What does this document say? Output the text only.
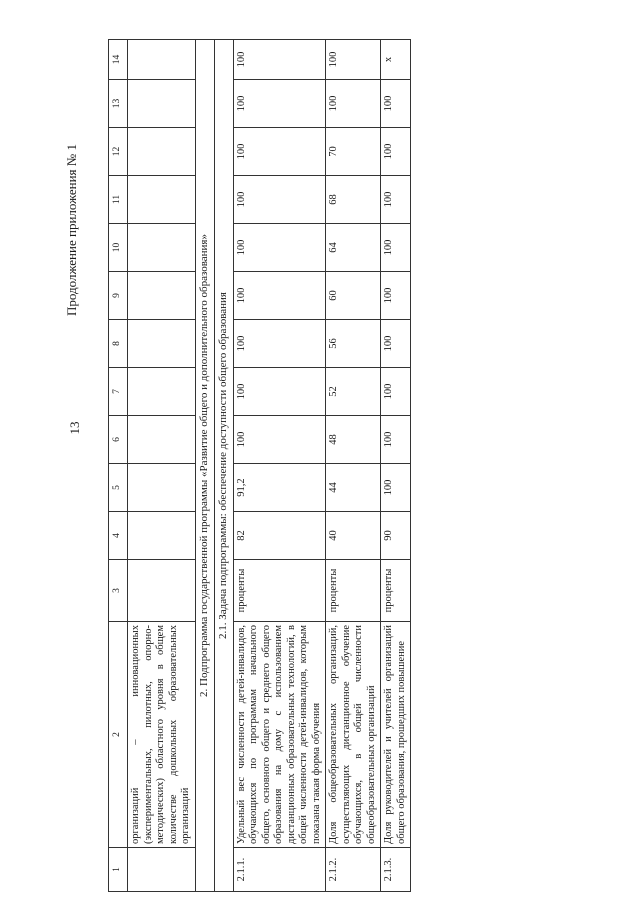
13
Продолжение приложения № 1
1	2	3	4	5	6	7	8	9	10	11	12	13	14
	организаций – инновационных (экспериментальных, пилотных, опорно-методических) областного уровня в общем количестве дошкольных образовательных организаций												
2. Подпрограмма государственной программы «Развитие общего и дополнительного образования»													
2.1. Задача подпрограммы: обеспечение доступности общего образования													
2.1.1.	Удельный вес численности детей-инвалидов, обучающихся по программам начального общего, основного общего и среднего общего образования на дому с использованием дистанционных образовательных технологий, в общей численности детей-инвалидов, которым показана такая форма обучения	проценты	82	91,2	100	100	100	100	100	100	100	100	100
2.1.2.	Доля общеобразовательных организаций, осуществляющих дистанционное обучение обучающихся, в общей численности общеобразовательных организаций	проценты	40	44	48	52	56	60	64	68	70	100	100
2.1.3.	Доля руководителей и учителей организаций общего образования, прошедших повышение	проценты	90	100	100	100	100	100	100	100	100	100	х
